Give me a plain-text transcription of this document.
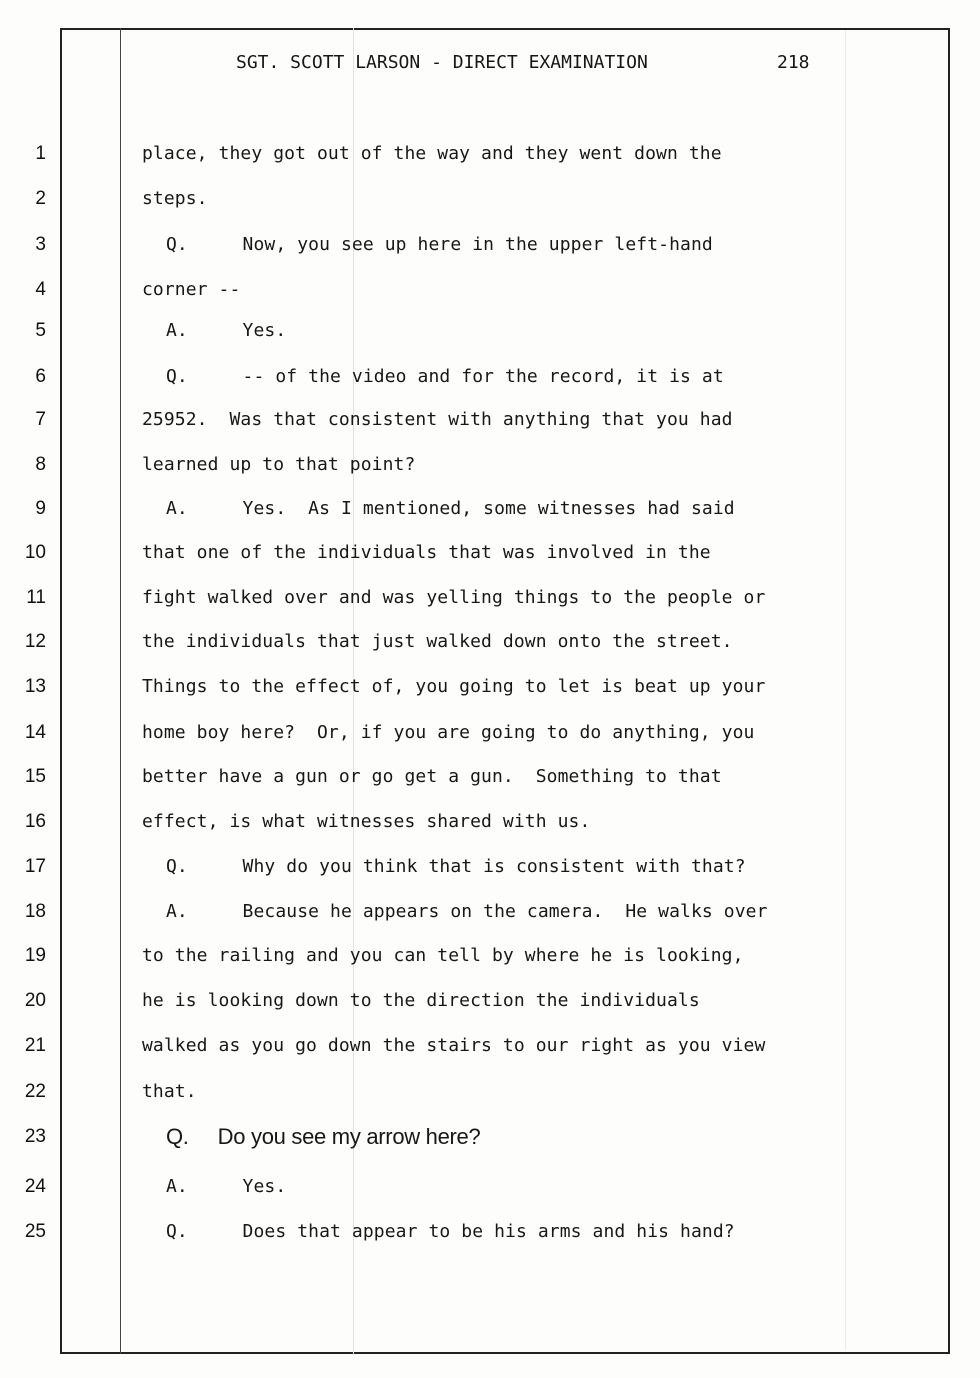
SGT. SCOTT LARSON - DIRECT EXAMINATION	218
1
2
3
4
5
6
7
8
9
10
11
12
13
14
15
16
17
18
19
20
21
22
23
24
25
place, they got out of the way and they went down the
steps.
Q.     Now, you see up here in the upper left-hand
corner --
A.     Yes.
Q.     -- of the video and for the record, it is at
25952.  Was that consistent with anything that you had
learned up to that point?
A.     Yes.  As I mentioned, some witnesses had said
that one of the individuals that was involved in the
fight walked over and was yelling things to the people or
the individuals that just walked down onto the street.
Things to the effect of, you going to let is beat up your
home boy here?  Or, if you are going to do anything, you
better have a gun or go get a gun.  Something to that
effect, is what witnesses shared with us.
Q.     Why do you think that is consistent with that?
A.     Because he appears on the camera.  He walks over
to the railing and you can tell by where he is looking,
he is looking down to the direction the individuals
walked as you go down the stairs to our right as you view
that.
Q.     Do you see my arrow here?
A.     Yes.
Q.     Does that appear to be his arms and his hand?
